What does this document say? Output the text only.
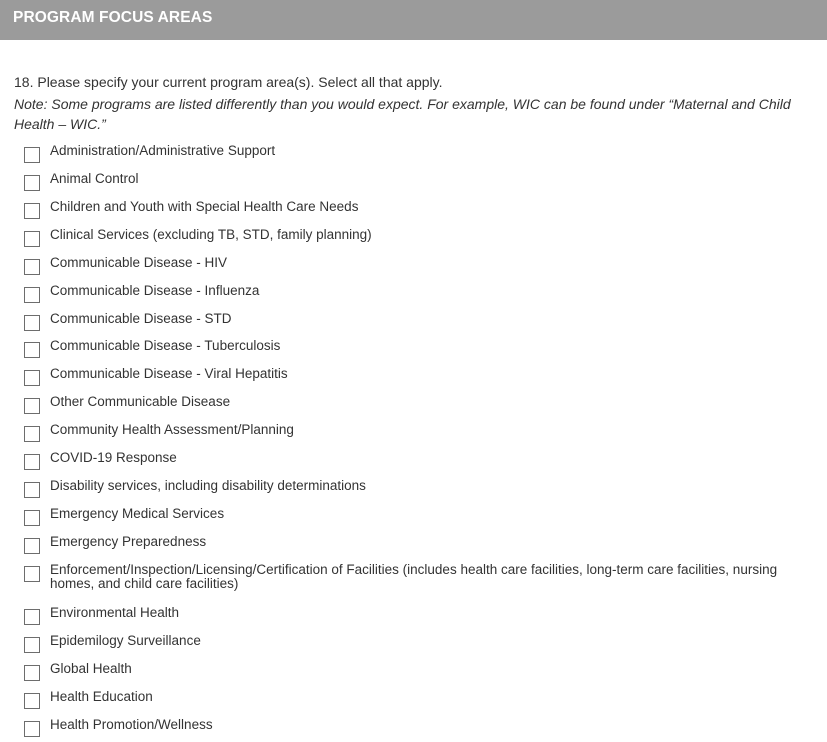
PROGRAM FOCUS AREAS
18. Please specify your current program area(s). Select all that apply.
Note: Some programs are listed differently than you would expect. For example, WIC can be found under “Maternal and Child Health – WIC.”
Administration/Administrative Support
Animal Control
Children and Youth with Special Health Care Needs
Clinical Services (excluding TB, STD, family planning)
Communicable Disease - HIV
Communicable Disease - Influenza
Communicable Disease - STD
Communicable Disease - Tuberculosis
Communicable Disease - Viral Hepatitis
Other Communicable Disease
Community Health Assessment/Planning
COVID-19 Response
Disability services, including disability determinations
Emergency Medical Services
Emergency Preparedness
Enforcement/Inspection/Licensing/Certification of Facilities (includes health care facilities, long-term care facilities, nursing homes, and child care facilities)
Environmental Health
Epidemilogy Surveillance
Global Health
Health Education
Health Promotion/Wellness
